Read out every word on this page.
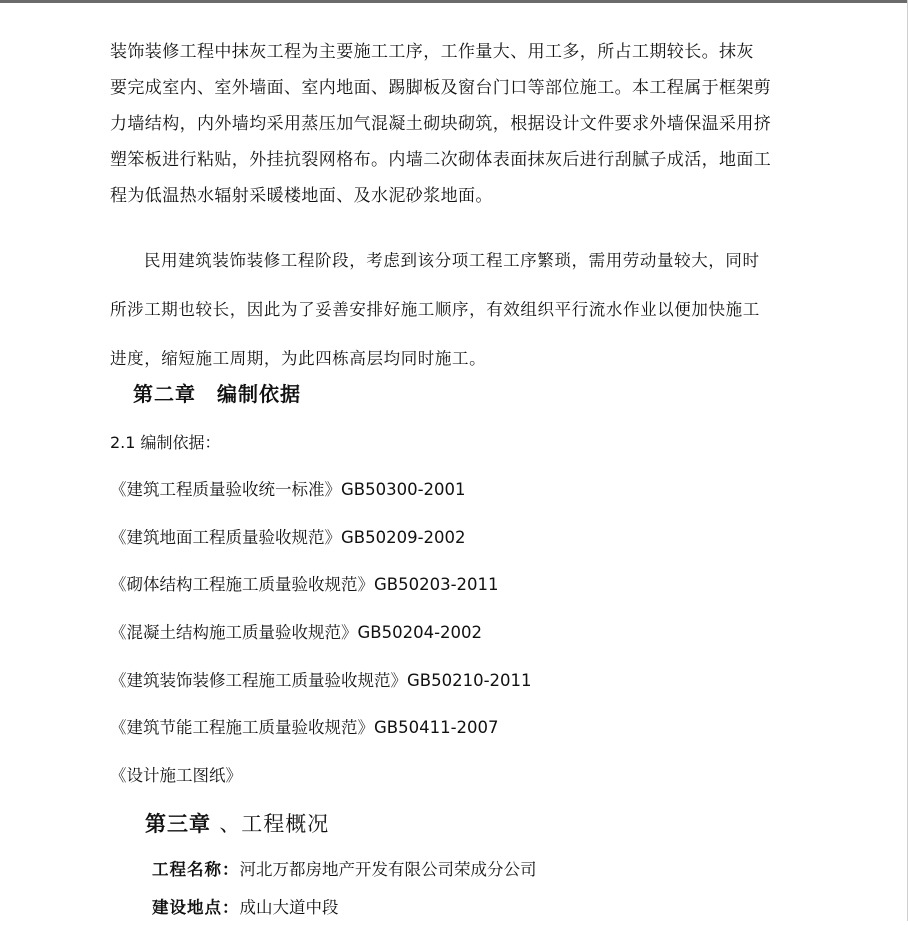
装饰装修工程中抹灰工程为主要施工工序，工作量大、用工多，所占工期较长。抹灰
要完成室内、室外墙面、室内地面、踢脚板及窗台门口等部位施工。本工程属于框架剪
力墙结构，内外墙均采用蒸压加气混凝土砌块砌筑，根据设计文件要求外墙保温采用挤
塑笨板进行粘贴，外挂抗裂网格布。内墙二次砌体表面抹灰后进行刮腻子成活，地面工
程为低温热水辐射采暖楼地面、及水泥砂浆地面。
民用建筑装饰装修工程阶段，考虑到该分项工程工序繁琐，需用劳动量较大，同时
所涉工期也较长，因此为了妥善安排好施工顺序，有效组织平行流水作业以便加快施工
进度，缩短施工周期，为此四栋高层均同时施工。
第二章　编制依据
2.1 编制依据：
《建筑工程质量验收统一标准》GB50300-2001
《建筑地面工程质量验收规范》GB50209-2002
《砌体结构工程施工质量验收规范》GB50203-2011
《混凝土结构施工质量验收规范》GB50204-2002
《建筑装饰装修工程施工质量验收规范》GB50210-2011
《建筑节能工程施工质量验收规范》GB50411-2007
《设计施工图纸》
第三章 、工程概况
工程名称：河北万都房地产开发有限公司荣成分公司
建设地点：成山大道中段
